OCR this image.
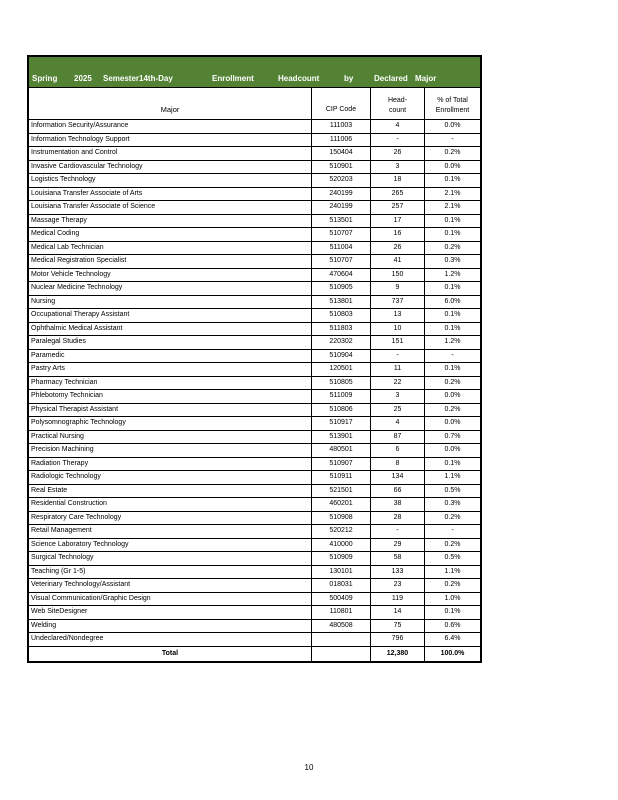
Spring 2025 Semester14th-Day	Enrollment	Headcount	by	Declared Major
Major	CIP Code	Head-
count	% of Total
Enrollment
Information Security/Assurance	111003	4	0.0%
Information Technology Support	111006	-	-
Instrumentation and Control	150404	26	0.2%
Invasive Cardiovascular Technology	510901	3	0.0%
Logistics Technology	520203	18	0.1%
Louisiana Transfer Associate of Arts	240199	265	2.1%
Louisiana Transfer Associate of Science	240199	257	2.1%
Massage Therapy	513501	17	0.1%
Medical Coding	510707	16	0.1%
Medical Lab Technician	511004	26	0.2%
Medical Registration Specialist	510707	41	0.3%
Motor Vehicle Technology	470604	150	1.2%
Nuclear Medicine Technology	510905	9	0.1%
Nursing	513801	737	6.0%
Occupational Therapy Assistant	510803	13	0.1%
Ophthalmic Medical Assistant	511803	10	0.1%
Paralegal Studies	220302	151	1.2%
Paramedic	510904	-	-
Pastry Arts	120501	11	0.1%
Pharmacy Technician	510805	22	0.2%
Phlebotomy Technician	511009	3	0.0%
Physical Therapist Assistant	510806	25	0.2%
Polysomnographic Technology	510917	4	0.0%
Practical Nursing	513901	87	0.7%
Precision Machining	480501	6	0.0%
Radiation Therapy	510907	8	0.1%
Radiologic Technology	510911	134	1.1%
Real Estate	521501	66	0.5%
Residential Construction	460201	38	0.3%
Respiratory Care Technology	510908	28	0.2%
Retail Management	520212	-	-
Science Laboratory Technology	410000	29	0.2%
Surgical Technology	510909	58	0.5%
Teaching (Gr 1-5)	130101	133	1.1%
Veterinary Technology/Assistant	018031	23	0.2%
Visual Communication/Graphic Design	500409	119	1.0%
Web SiteDesigner	110801	14	0.1%
Welding	480508	75	0.6%
Undeclared/Nondegree		796	6.4%
Total		12,380	100.0%
10
